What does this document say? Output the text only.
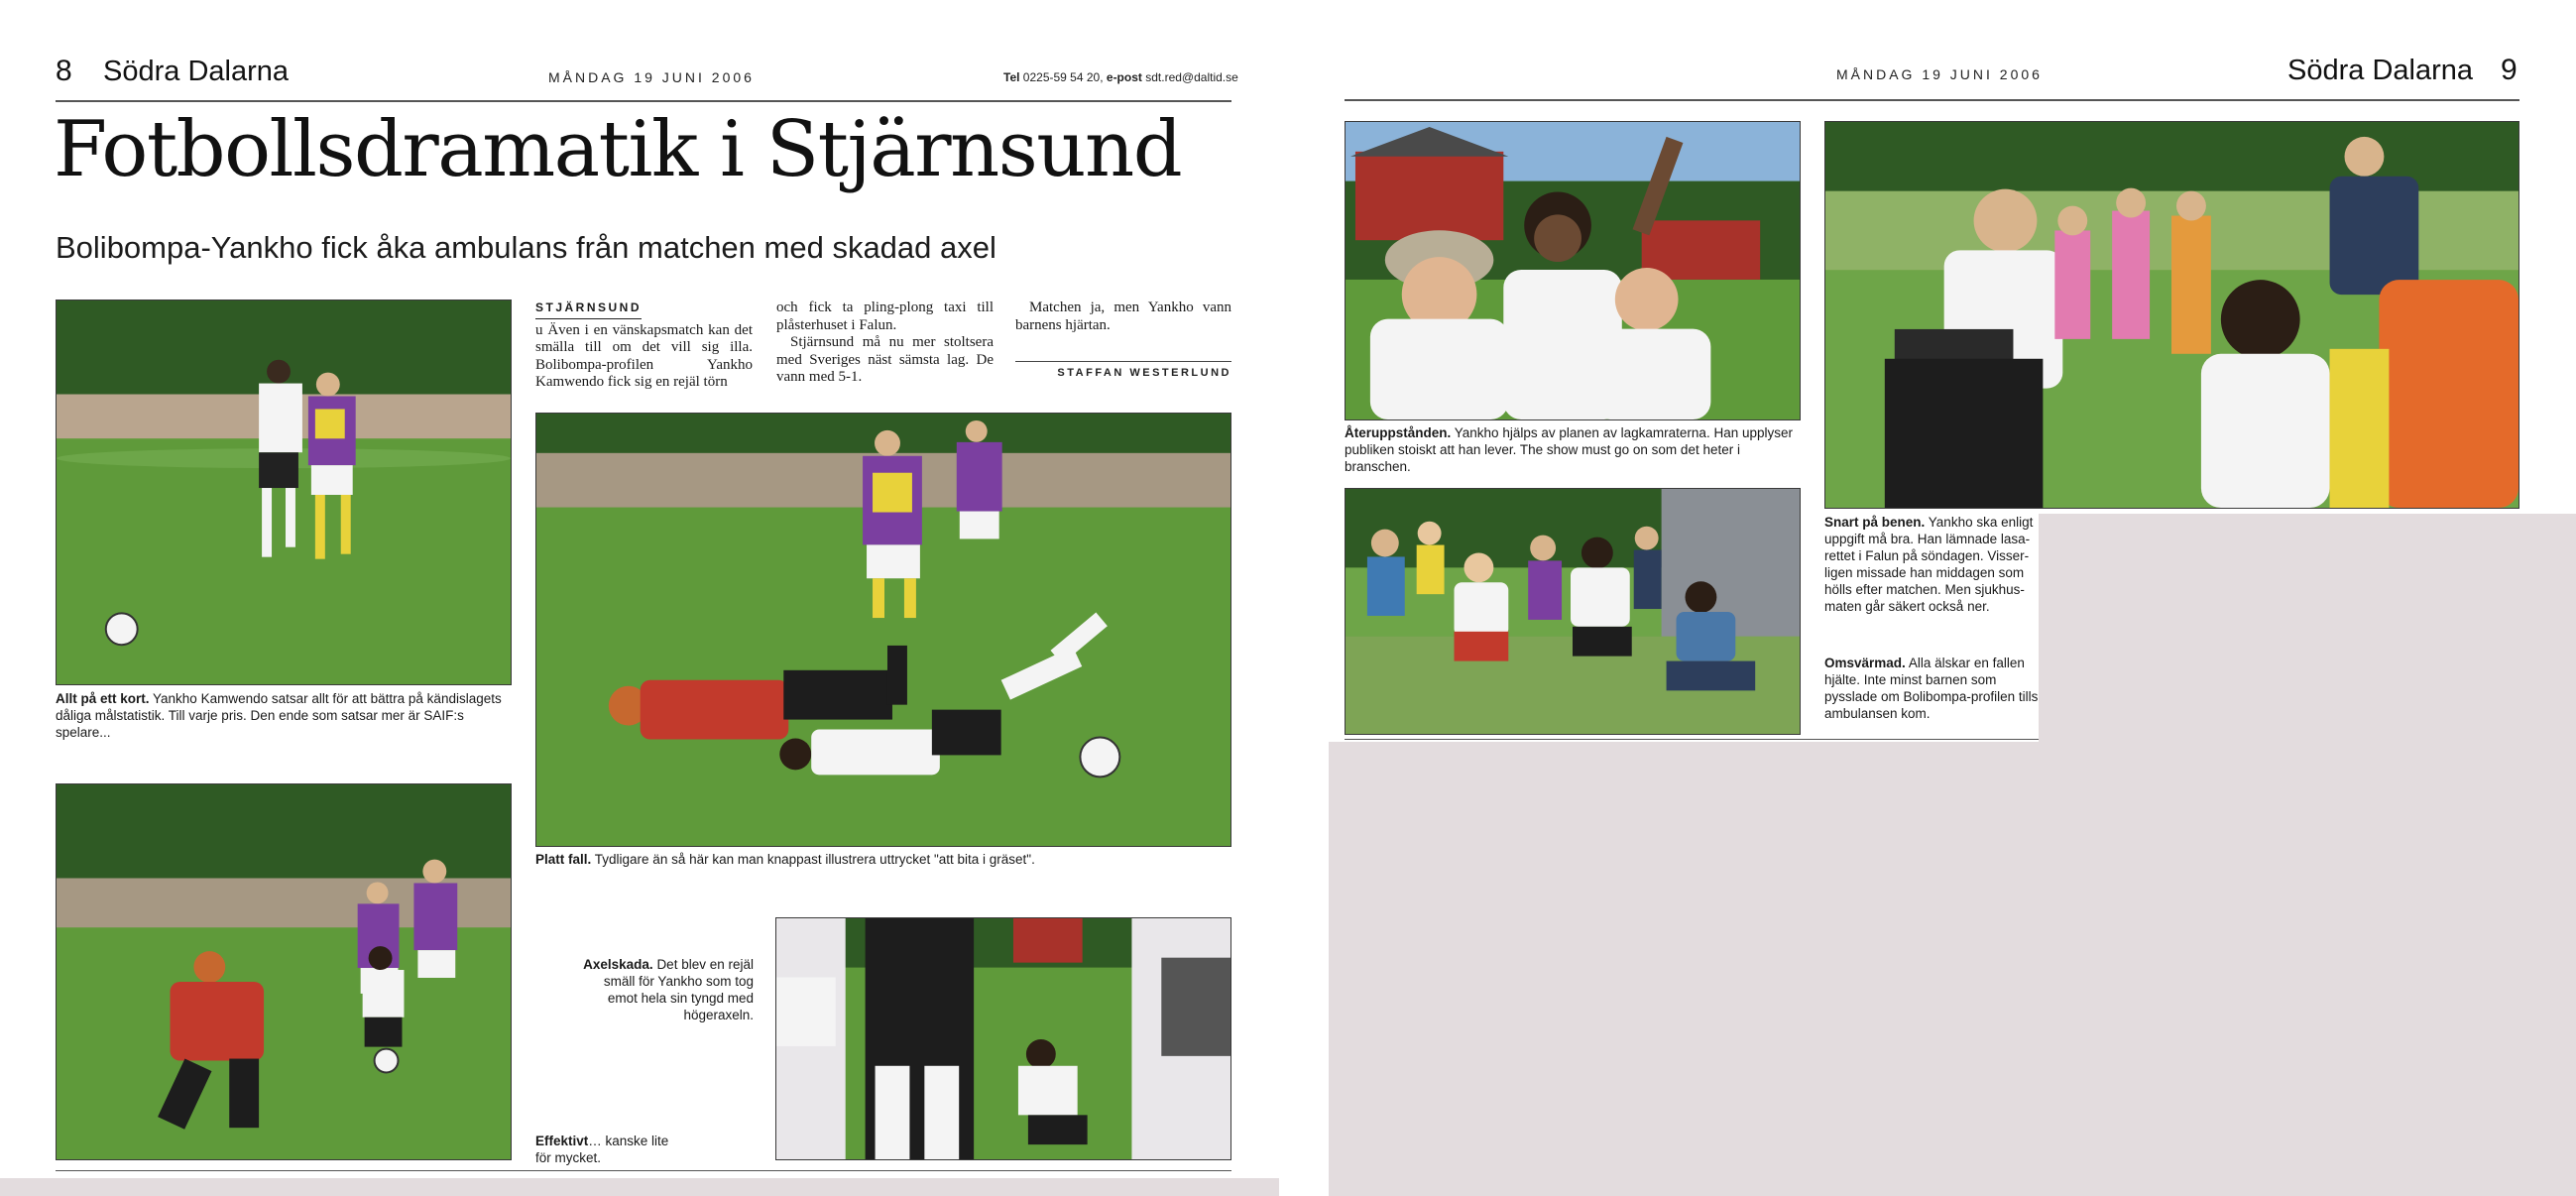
8 Södra Dalarna	MÅNDAG 19 JUNI 2006	Tel 0225-59 54 20, e-post sdt.red@daltid.se
Fotbollsdramatik i Stjärnsund
Bolibompa-Yankho fick åka ambulans från matchen med skadad axel
Allt på ett kort. Yankho Kamwendo satsar allt för att bättra på kändislagets dåliga målstatistik. Till varje pris. Den ende som satsar mer är SAIF:s spelare...
STJÄRNSUND
u Även i en vänskapsmatch kan det smälla till om det vill sig illa. Bolibompa-profilen Yankho Kamwendo fick sig en rejäl törn
och fick ta pling-plong taxi till plåsterhuset i Falun.
Stjärnsund må nu mer stoltsera med Sveriges näst sämsta lag. De vann med 5-1.
Matchen ja, men Yankho vann barnens hjärtan.
STAFFAN WESTERLUND
Platt fall. Tydligare än så här kan man knappast illustrera uttrycket "att bita i gräset".
Axelskada. Det blev en rejäl smäll för Yankho som tog emot hela sin tyngd med högeraxeln.
Effektivt… kanske lite för mycket.
MÅNDAG 19 JUNI 2006	Södra Dalarna 9
Återuppstånden. Yankho hjälps av planen av lagkamraterna. Han upplyser publiken stoiskt att han lever. The show must go on som det heter i branschen.
Snart på benen. Yankho ska enligt uppgift må bra. Han lämnade lasarettet i Falun på söndagen. Visserligen missade han middagen som hölls efter matchen. Men sjukhusmaten går säkert också ner.
Omsvärmad. Alla älskar en fallen hjälte. Inte minst barnen som pysslade om Bolibompa-profilen tills ambulansen kom.
